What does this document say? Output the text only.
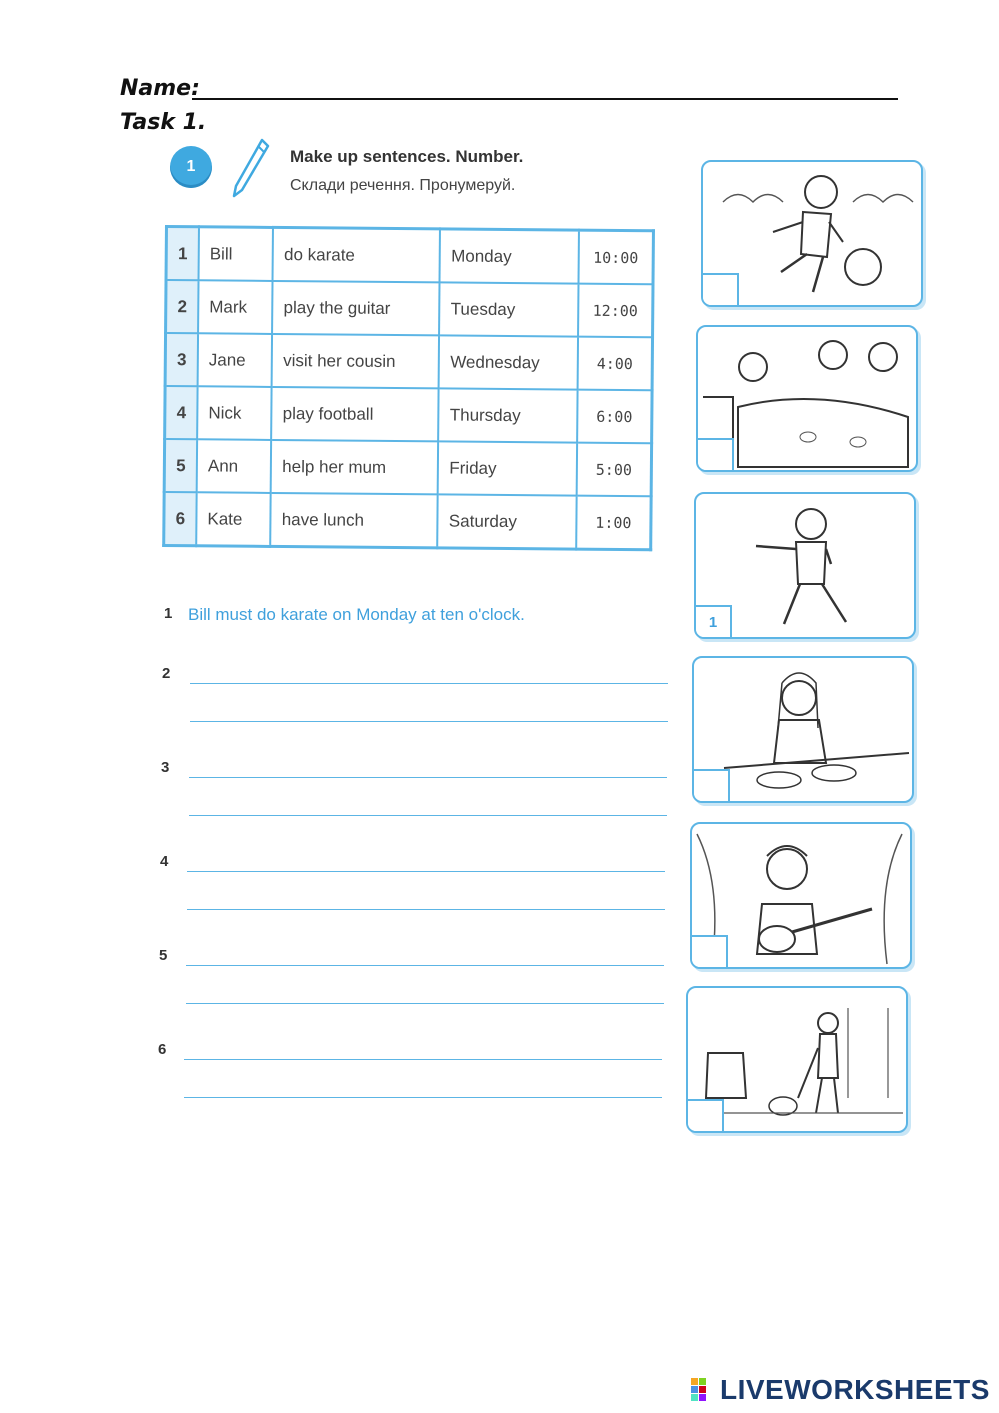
Name:
Task 1.
1
Make up sentences. Number.
Склади речення. Пронумеруй.
1	Bill	do karate	Monday	10:00
2	Mark	play the guitar	Tuesday	12:00
3	Jane	visit her cousin	Wednesday	4:00
4	Nick	play football	Thursday	6:00
5	Ann	help her mum	Friday	5:00
6	Kate	have lunch	Saturday	1:00
1 Bill must do karate on Monday at ten o'clock.
2
3
4
5
6
1
LIVEWORKSHEETS
